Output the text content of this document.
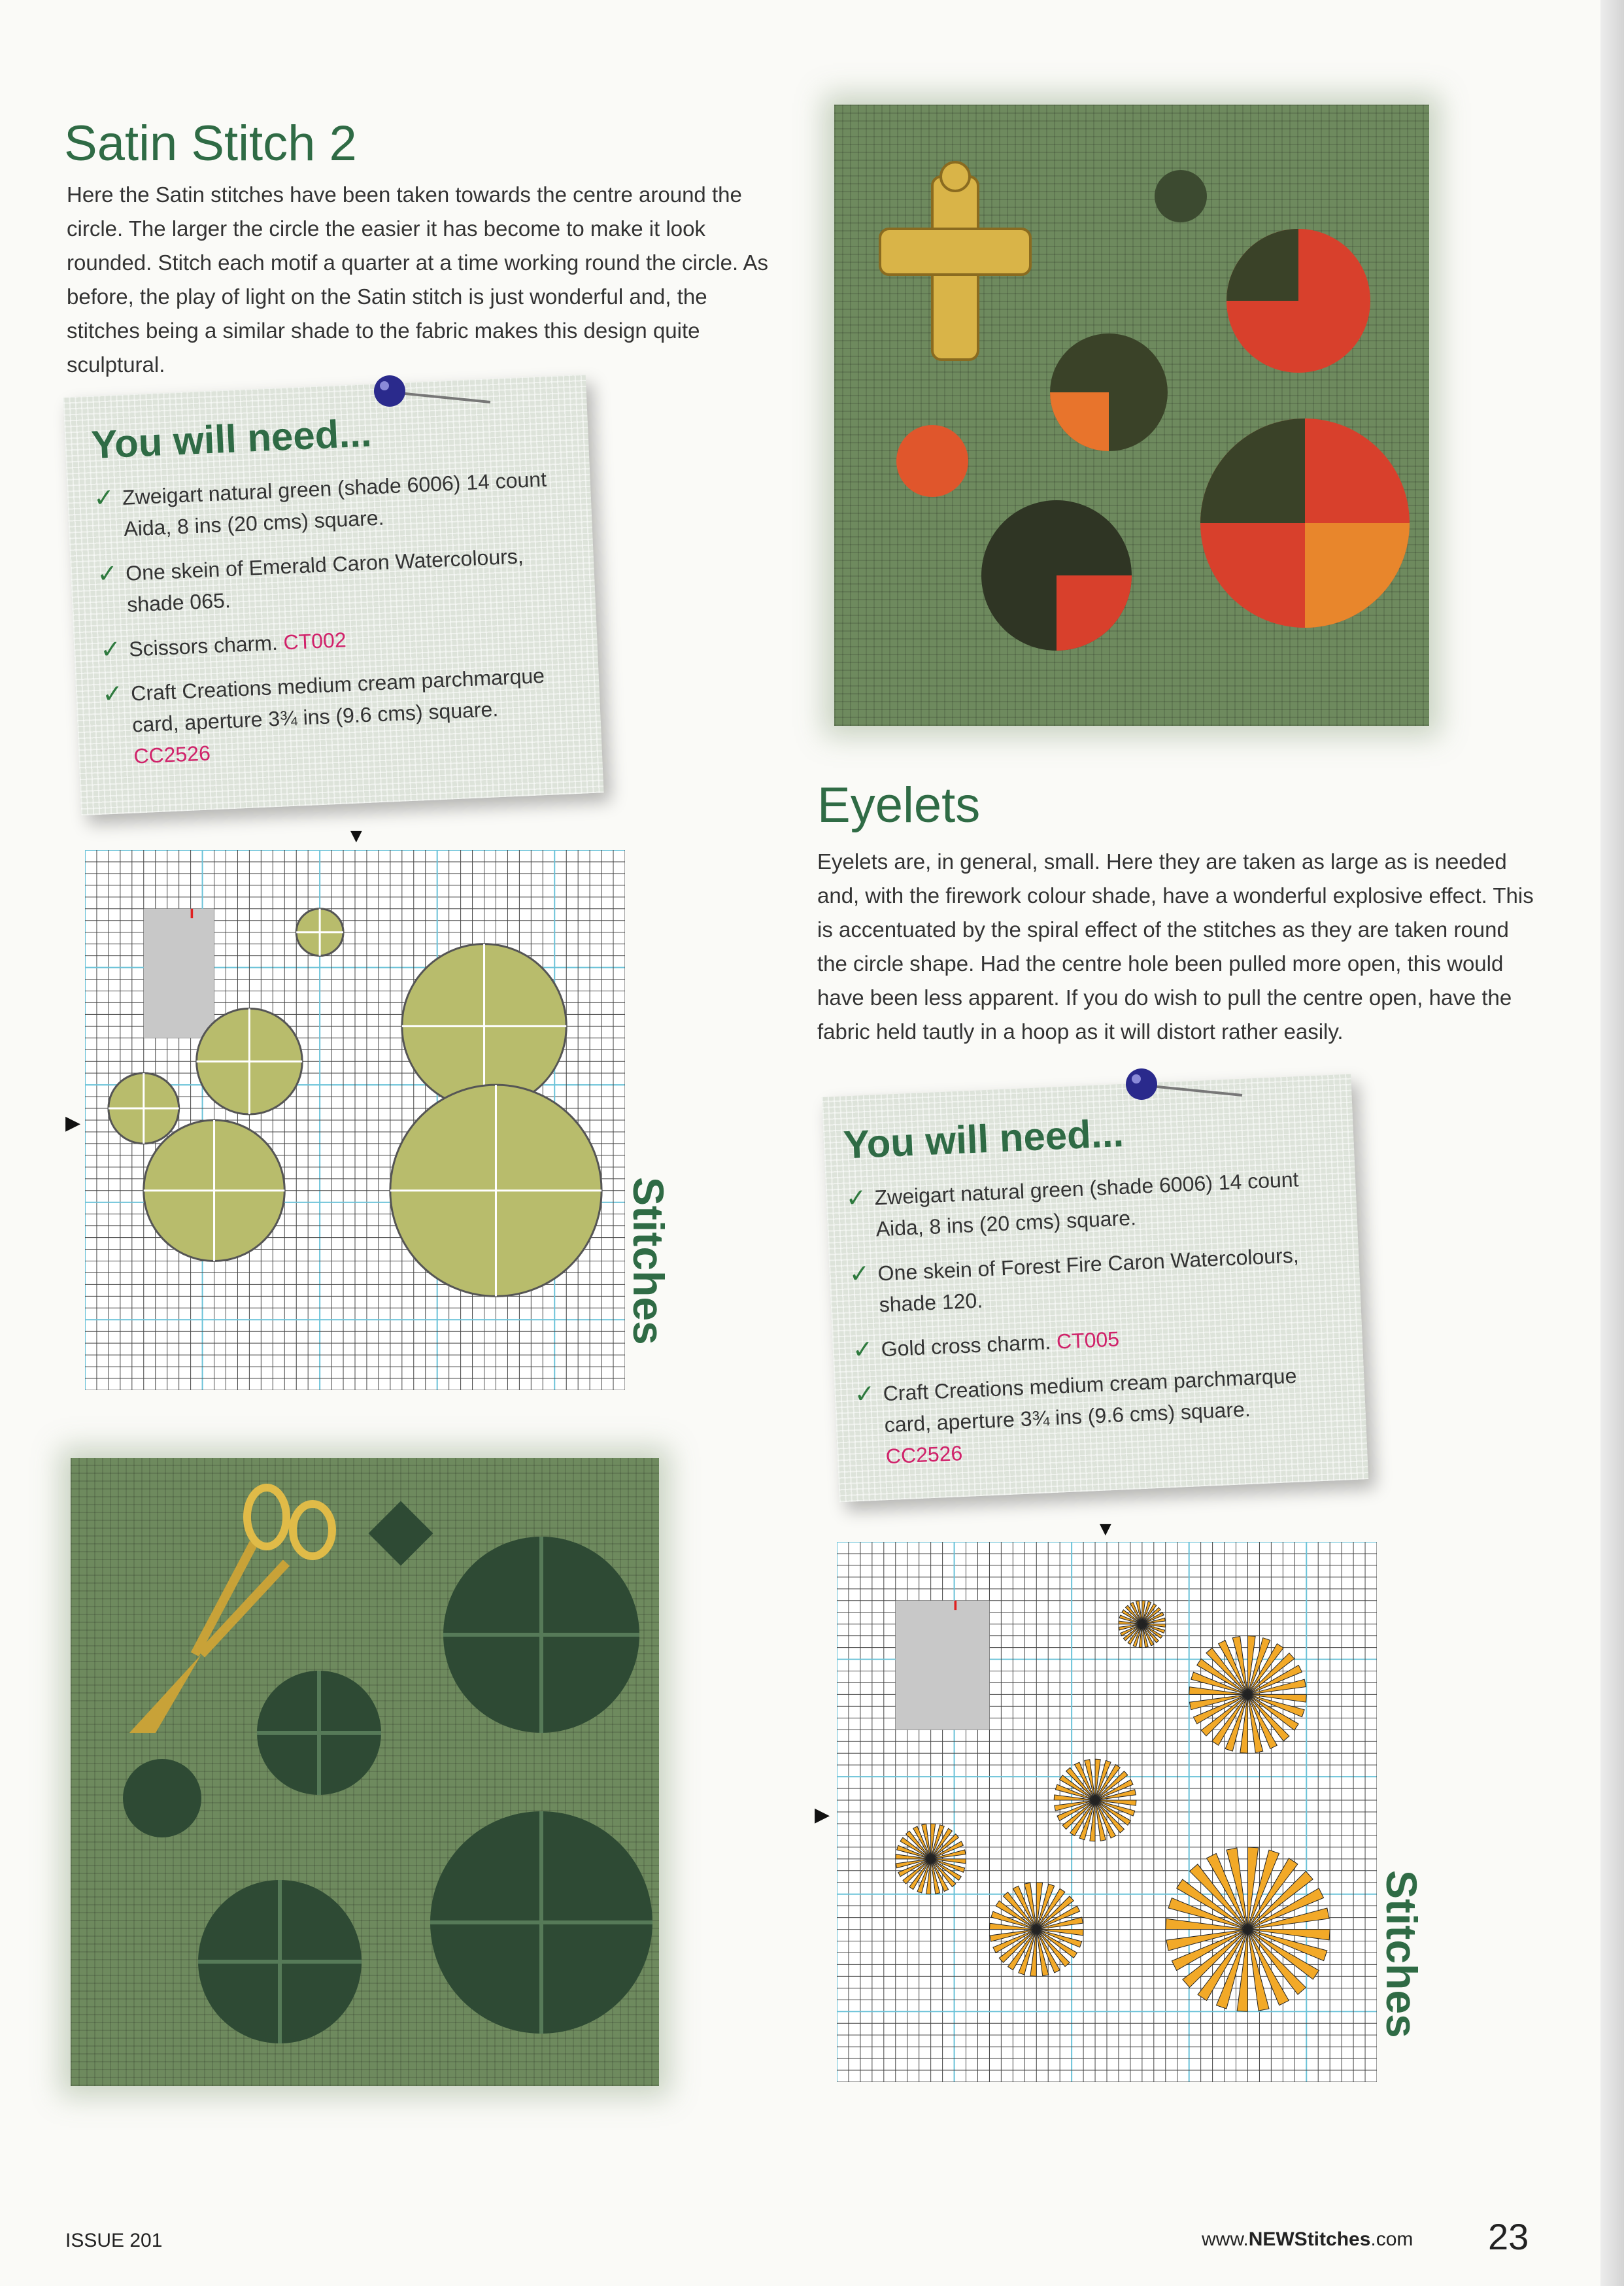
Satin Stitch 2

Here the Satin stitches have been taken towards the centre around the circle. The larger the circle the easier it has become to make it look rounded. Stitch each motif a quarter at a time working round the circle. As before, the play of light on the Satin stitch is just wonderful and, the stitches being a similar shade to the fabric makes this design quite sculptural.

You will need...
✓ Zweigart natural green (shade 6006) 14 count Aida, 8 ins (20 cms) square.
✓ One skein of Emerald Caron Watercolours, shade 065.
✓ Scissors charm. CT002
✓ Craft Creations medium cream parchmarque card, aperture 3¾ ins (9.6 cms) square.
CC2526
▼
▶
Stitches
Eyelets

Eyelets are, in general, small. Here they are taken as large as is needed and, with the firework colour shade, have a wonderful explosive effect. This is accentuated by the spiral effect of the stitches as they are taken round the circle shape. Had the centre hole been pulled more open, this would have been less apparent. If you do wish to pull the centre open, have the fabric held tautly in a hoop as it will distort rather easily.

You will need...
✓ Zweigart natural green (shade 6006) 14 count Aida, 8 ins (20 cms) square.
✓ One skein of Forest Fire Caron Watercolours, shade 120.
✓ Gold cross charm. CT005
✓ Craft Creations medium cream parchmarque card, aperture 3¾ ins (9.6 cms) square.
CC2526
▼
▶
Stitches
ISSUE 201	www.NEWStitches.com 23
